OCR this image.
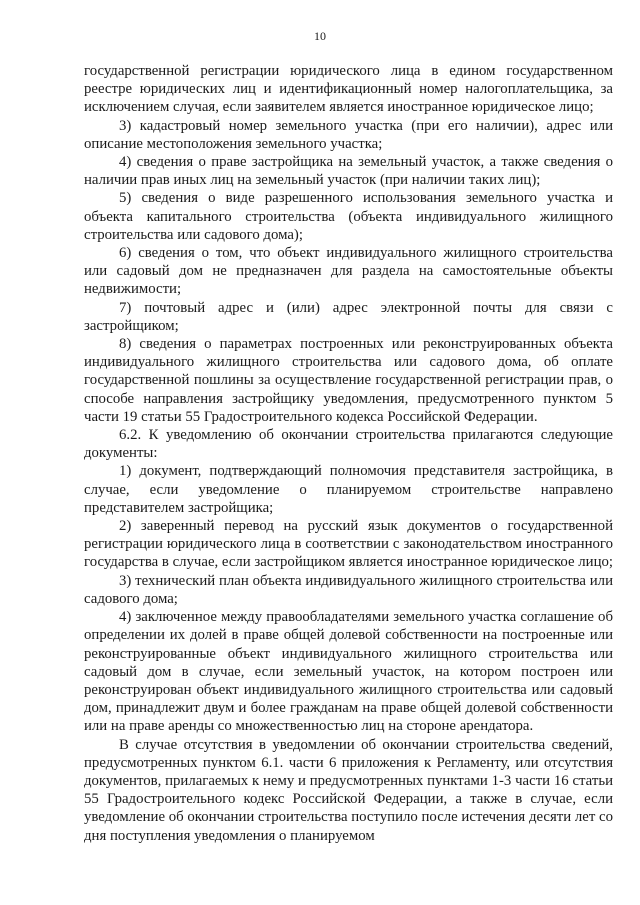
10

государственной регистрации юридического лица в едином государственном реестре юридических лиц и идентификационный номер налогоплательщика, за исключением случая, если заявителем является иностранное юридическое лицо;

3) кадастровый номер земельного участка (при его наличии), адрес или описание местоположения земельного участка;

4) сведения о праве застройщика на земельный участок, а также сведения о наличии прав иных лиц на земельный участок (при наличии таких лиц);

5) сведения о виде разрешенного использования земельного участка и объекта капитального строительства (объекта индивидуального жилищного строительства или садового дома);

6) сведения о том, что объект индивидуального жилищного строительства или садовый дом не предназначен для раздела на самостоятельные объекты недвижимости;

7) почтовый адрес и (или) адрес электронной почты для связи с застройщиком;

8) сведения о параметрах построенных или реконструированных объекта индивидуального жилищного строительства или садового дома, об оплате государственной пошлины за осуществление государственной регистрации прав, о способе направления застройщику уведомления, предусмотренного пунктом 5 части 19 статьи 55 Градостроительного кодекса Российской Федерации.

6.2. К уведомлению об окончании строительства прилагаются следующие документы:

1) документ, подтверждающий полномочия представителя застройщика, в случае, если уведомление о планируемом строительстве направлено представителем застройщика;

2) заверенный перевод на русский язык документов о государственной регистрации юридического лица в соответствии с законодательством иностранного государства в случае, если застройщиком является иностранное юридическое лицо;

3) технический план объекта индивидуального жилищного строительства или садового дома;

4) заключенное между правообладателями земельного участка соглашение об определении их долей в праве общей долевой собственности на построенные или реконструированные объект индивидуального жилищного строительства или садовый дом в случае, если земельный участок, на котором построен или реконструирован объект индивидуального жилищного строительства или садовый дом, принадлежит двум и более гражданам на праве общей долевой собственности или на праве аренды со множественностью лиц на стороне арендатора.

В случае отсутствия в уведомлении об окончании строительства сведений, предусмотренных пунктом 6.1. части 6 приложения к Регламенту, или отсутствия документов, прилагаемых к нему и предусмотренных пунктами 1-3 части 16 статьи 55 Градостроительного кодекс Российской Федерации, а также в случае, если уведомление об окончании строительства поступило после истечения десяти лет со дня поступления уведомления о планируемом
